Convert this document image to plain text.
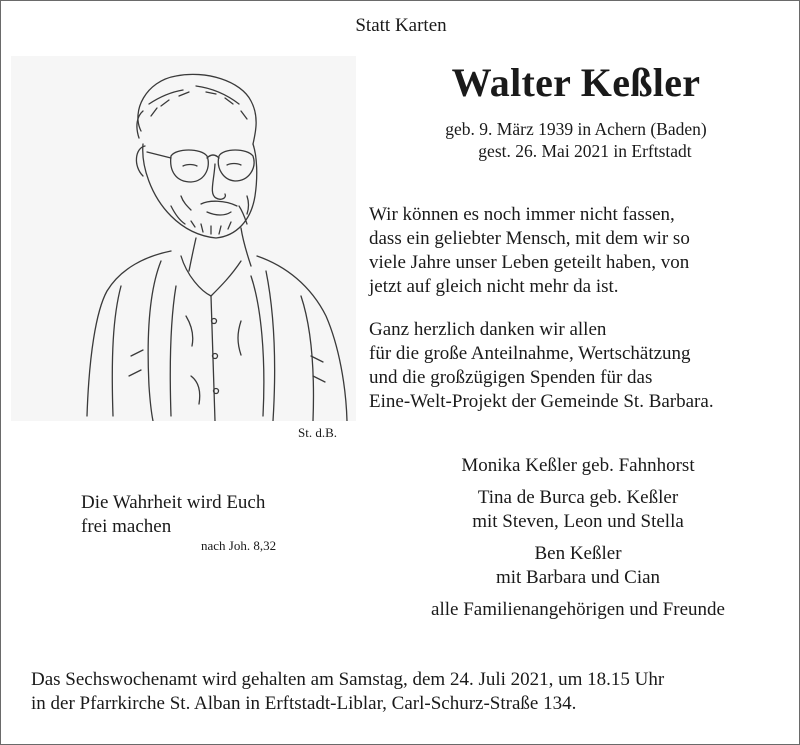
Statt Karten
Walter Keßler
geb. 9. März 1939 in Achern (Baden)
gest. 26. Mai 2021 in Erftstadt
St. d.B.
Wir können es noch immer nicht fassen,
dass ein geliebter Mensch, mit dem wir so
viele Jahre unser Leben geteilt haben, von
jetzt auf gleich nicht mehr da ist.
Ganz herzlich danken wir allen
für die große Anteilnahme, Wertschätzung
und die großzügigen Spenden für das
Eine-Welt-Projekt der Gemeinde St. Barbara.
Die Wahrheit wird Euch
frei machen
nach Joh. 8,32
Monika Keßler geb. Fahnhorst
Tina de Burca geb. Keßler
mit Steven, Leon und Stella
Ben Keßler
mit Barbara und Cian
alle Familienangehörigen und Freunde
Das Sechswochenamt wird gehalten am Samstag, dem 24. Juli 2021, um 18.15 Uhr
in der Pfarrkirche St. Alban in Erftstadt-Liblar, Carl-Schurz-Straße 134.
